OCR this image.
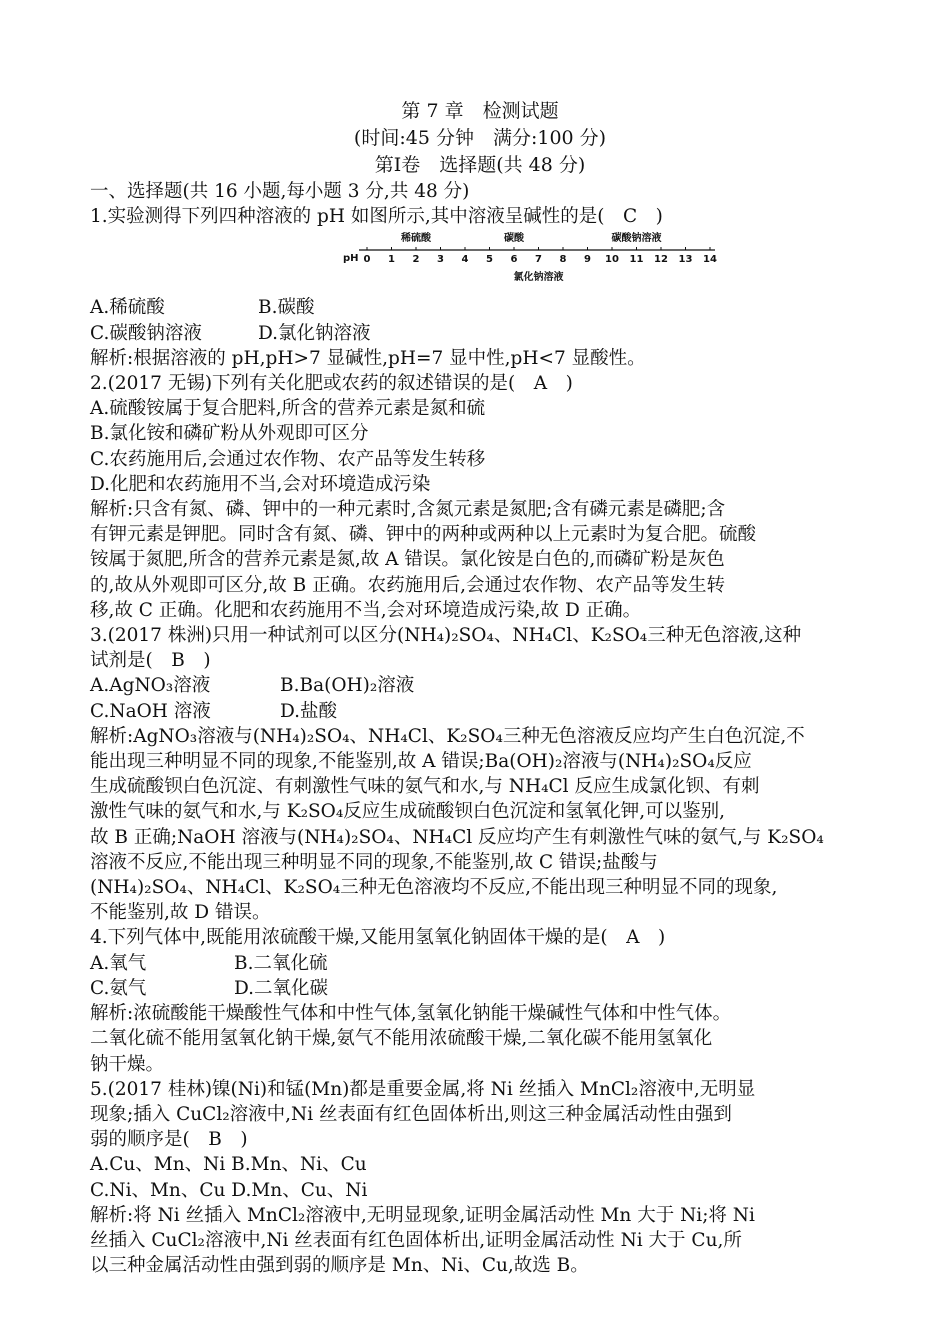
第 7 章　检测试题
(时间:45 分钟　满分:100 分)
第Ⅰ卷　选择题(共 48 分)
一、选择题(共 16 小题,每小题 3 分,共 48 分)
1.实验测得下列四种溶液的 pH 如图所示,其中溶液呈碱性的是(　C　)
pH 0 1 2 3 4 5 6 7 8 9 10 11 12 13 14
稀硫酸	碳酸	碳酸钠溶液
氯化钠溶液
A.稀硫酸	B.碳酸
C.碳酸钠溶液	D.氯化钠溶液
解析:根据溶液的 pH,pH>7 显碱性,pH=7 显中性,pH<7 显酸性。
2.(2017 无锡)下列有关化肥或农药的叙述错误的是(　A　)
A.硫酸铵属于复合肥料,所含的营养元素是氮和硫
B.氯化铵和磷矿粉从外观即可区分
C.农药施用后,会通过农作物、农产品等发生转移
D.化肥和农药施用不当,会对环境造成污染
解析:只含有氮、磷、钾中的一种元素时,含氮元素是氮肥;含有磷元素是磷肥;含
有钾元素是钾肥。同时含有氮、磷、钾中的两种或两种以上元素时为复合肥。硫酸
铵属于氮肥,所含的营养元素是氮,故 A 错误。氯化铵是白色的,而磷矿粉是灰色
的,故从外观即可区分,故 B 正确。农药施用后,会通过农作物、农产品等发生转
移,故 C 正确。化肥和农药施用不当,会对环境造成污染,故 D 正确。
3.(2017 株洲)只用一种试剂可以区分(NH₄)₂SO₄、NH₄Cl、K₂SO₄三种无色溶液,这种
试剂是(　B　)
A.AgNO₃溶液	B.Ba(OH)₂溶液
C.NaOH 溶液	D.盐酸
解析:AgNO₃溶液与(NH₄)₂SO₄、NH₄Cl、K₂SO₄三种无色溶液反应均产生白色沉淀,不
能出现三种明显不同的现象,不能鉴别,故 A 错误;Ba(OH)₂溶液与(NH₄)₂SO₄反应
生成硫酸钡白色沉淀、有刺激性气味的氨气和水,与 NH₄Cl 反应生成氯化钡、有刺
激性气味的氨气和水,与 K₂SO₄反应生成硫酸钡白色沉淀和氢氧化钾,可以鉴别,
故 B 正确;NaOH 溶液与(NH₄)₂SO₄、NH₄Cl 反应均产生有刺激性气味的氨气,与 K₂SO₄
溶液不反应,不能出现三种明显不同的现象,不能鉴别,故 C 错误;盐酸与
(NH₄)₂SO₄、NH₄Cl、K₂SO₄三种无色溶液均不反应,不能出现三种明显不同的现象,
不能鉴别,故 D 错误。
4.下列气体中,既能用浓硫酸干燥,又能用氢氧化钠固体干燥的是(　A　)
A.氧气	B.二氧化硫
C.氨气	D.二氧化碳
解析:浓硫酸能干燥酸性气体和中性气体,氢氧化钠能干燥碱性气体和中性气体。
二氧化硫不能用氢氧化钠干燥,氨气不能用浓硫酸干燥,二氧化碳不能用氢氧化
钠干燥。
5.(2017 桂林)镍(Ni)和锰(Mn)都是重要金属,将 Ni 丝插入 MnCl₂溶液中,无明显
现象;插入 CuCl₂溶液中,Ni 丝表面有红色固体析出,则这三种金属活动性由强到
弱的顺序是(　B　)
A.Cu、Mn、Ni B.Mn、Ni、Cu
C.Ni、Mn、Cu D.Mn、Cu、Ni
解析:将 Ni 丝插入 MnCl₂溶液中,无明显现象,证明金属活动性 Mn 大于 Ni;将 Ni
丝插入 CuCl₂溶液中,Ni 丝表面有红色固体析出,证明金属活动性 Ni 大于 Cu,所
以三种金属活动性由强到弱的顺序是 Mn、Ni、Cu,故选 B。
